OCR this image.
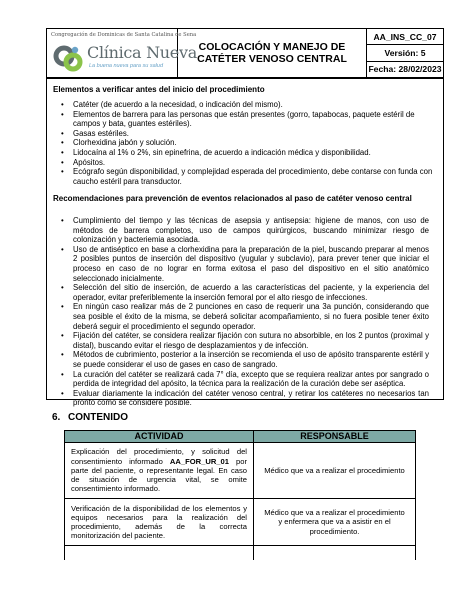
Congregación de Dominicas de Santa Catalina de Sena
Clínica Nueva
La buena nueva para su salud
COLOCACIÓN Y MANEJO DE CATÉTER VENOSO CENTRAL
AA_INS_CC_07
Versión: 5
Fecha: 28/02/2023
Elementos a verificar antes del inicio del procedimiento
• Catéter (de acuerdo a la necesidad, o indicación del mismo).
• Elementos de barrera para las personas que están presentes (gorro, tapabocas, paquete estéril de campos y bata, guantes estériles).
• Gasas estériles.
• Clorhexidina jabón y solución.
• Lidocaína al 1% o 2%, sin epinefrina, de acuerdo a indicación médica y disponibilidad.
• Apósitos.
• Ecógrafo según disponibilidad, y complejidad esperada del procedimiento, debe contarse con funda con caucho estéril para transductor.
Recomendaciones para prevención de eventos relacionados al paso de catéter venoso central
• Cumplimiento del tiempo y las técnicas de asepsia y antisepsia: higiene de manos, con uso de métodos de barrera completos, uso de campos quirúrgicos, buscando minimizar riesgo de colonización y bacteriemia asociada.
• Uso de antiséptico en base a clorhexidina para la preparación de la piel, buscando preparar al menos 2 posibles puntos de inserción del dispositivo (yugular y subclavio), para prever tener que iniciar el proceso en caso de no lograr en forma exitosa el paso del dispositivo en el sitio anatómico seleccionado inicialmente.
• Selección del sitio de inserción, de acuerdo a las características del paciente, y la experiencia del operador, evitar preferiblemente la inserción femoral por el alto riesgo de infecciones.
• En ningún caso realizar más de 2 punciones en caso de requerir una 3a punción, considerando que sea posible el éxito de la misma, se deberá solicitar acompañamiento, si no fuera posible tener éxito deberá seguir el procedimiento el segundo operador.
• Fijación del catéter, se considera realizar fijación con sutura no absorbible, en los 2 puntos (proximal y distal), buscando evitar el riesgo de desplazamientos y de infección.
• Métodos de cubrimiento, posterior a la inserción se recomienda el uso de apósito transparente estéril y se puede considerar el uso de gases en caso de sangrado.
• La curación del catéter se realizará cada 7° día, excepto que se requiera realizar antes por sangrado o perdida de integridad del apósito, la técnica para la realización de la curación debe ser aséptica.
• Evaluar diariamente la indicación del catéter venoso central, y retirar los catéteres no necesarios tan pronto como se considere posible.
6. CONTENIDO
ACTIVIDAD	RESPONSABLE
Explicación del procedimiento, y solicitud del consentimiento informado AA_FOR_UR_01 por parte del paciente, o representante legal. En caso de situación de urgencia vital, se omite consentimiento informado.	Médico que va a realizar el procedimiento
Verificación de la disponibilidad de los elementos y equipos necesarios para la realización del procedimiento, además de la correcta monitorización del paciente.	Médico que va a realizar el procedimiento y enfermera que va a asistir en el procedimiento.
